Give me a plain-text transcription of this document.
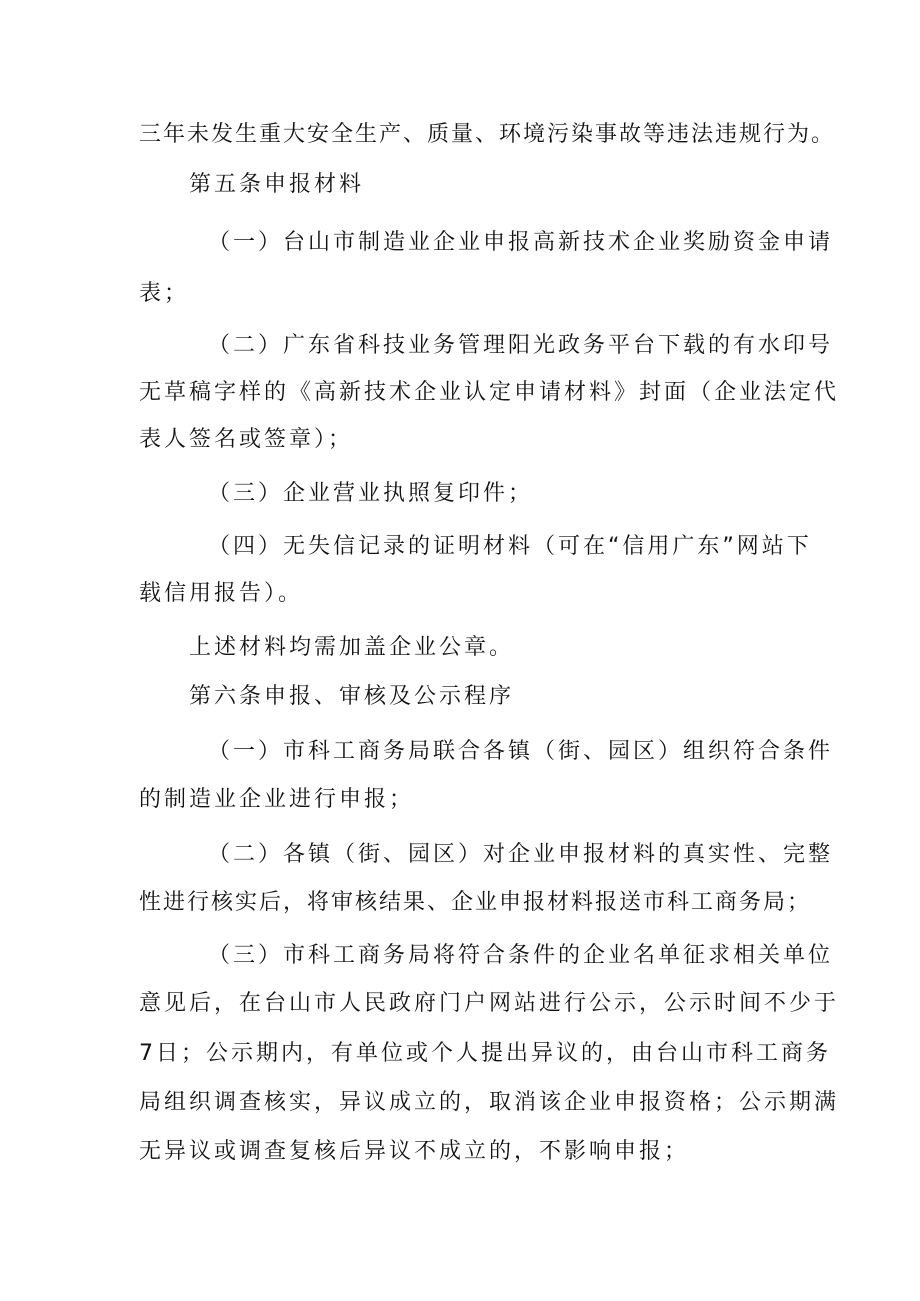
三年未发生重大安全生产、质量、环境污染事故等违法违规行为。
第五条申报材料
（一）台山市制造业企业申报高新技术企业奖励资金申请
表；
（二）广东省科技业务管理阳光政务平台下载的有水印号
无草稿字样的《高新技术企业认定申请材料》封面（企业法定代
表人签名或签章）；
（三）企业营业执照复印件；
（四）无失信记录的证明材料（可在“信用广东”网站下
载信用报告）。
上述材料均需加盖企业公章。
第六条申报、审核及公示程序
（一）市科工商务局联合各镇（街、园区）组织符合条件
的制造业企业进行申报；
（二）各镇（街、园区）对企业申报材料的真实性、完整
性进行核实后，将审核结果、企业申报材料报送市科工商务局；
（三）市科工商务局将符合条件的企业名单征求相关单位
意见后，在台山市人民政府门户网站进行公示，公示时间不少于
7日；公示期内，有单位或个人提出异议的，由台山市科工商务
局组织调查核实，异议成立的，取消该企业申报资格；公示期满
无异议或调查复核后异议不成立的，不影响申报；
